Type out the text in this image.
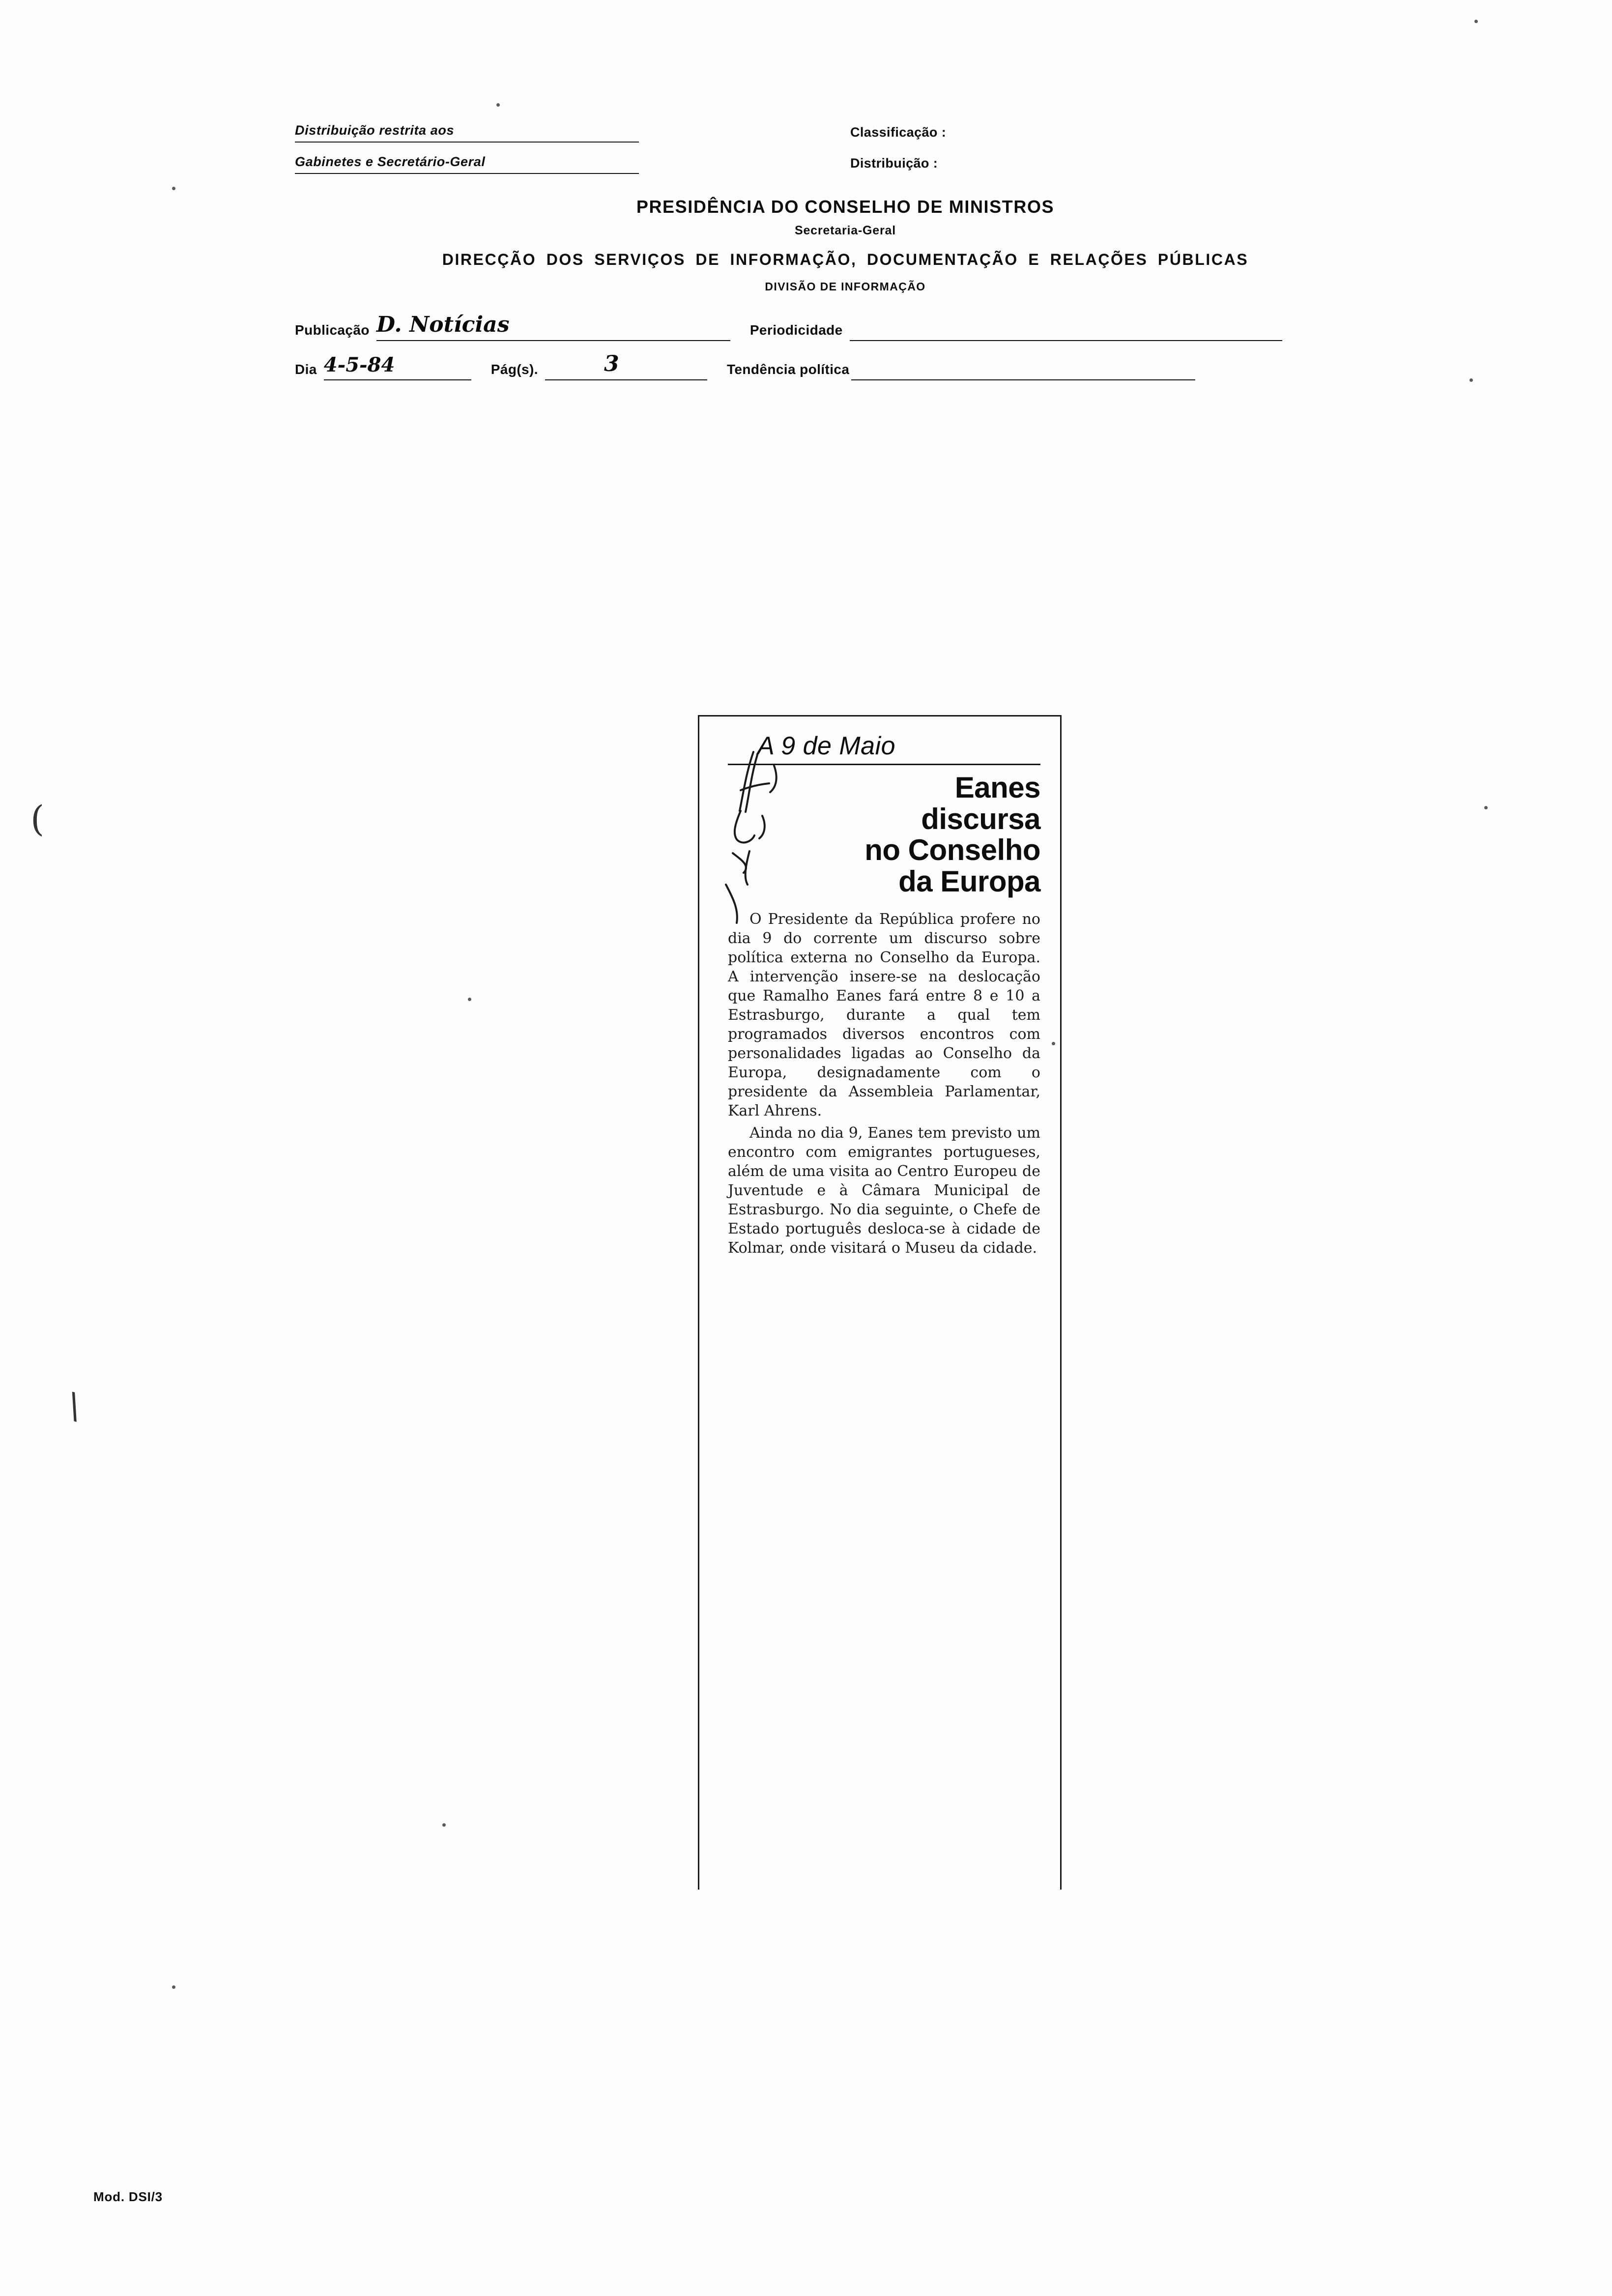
Distribuição restrita aos
Gabinetes e Secretário-Geral
Classificação :
Distribuição :
PRESIDÊNCIA DO CONSELHO DE MINISTROS
Secretaria-Geral
DIRECÇÃO DOS SERVIÇOS DE INFORMAÇÃO, DOCUMENTAÇÃO E RELAÇÕES PÚBLICAS
DIVISÃO DE INFORMAÇÃO
Publicação D. Notícias	Periodicidade
Dia 4-5-84	Pág(s).	3	Tendência política
A 9 de Maio
Eanes
discursa
no Conselho
da Europa

O Presidente da República profere no dia 9 do corrente um discurso sobre política externa no Conselho da Europa. A intervenção insere-se na deslocação que Ramalho Eanes fará entre 8 e 10 a Estrasburgo, durante a qual tem programados diversos encontros com personalidades ligadas ao Conselho da Europa, designadamente com o presidente da Assembleia Parlamentar, Karl Ahrens.

Ainda no dia 9, Eanes tem previsto um encontro com emigrantes portugueses, além de uma visita ao Centro Europeu de Juventude e à Câmara Municipal de Estrasburgo. No dia seguinte, o Chefe de Estado português desloca-se à cidade de Kolmar, onde visitará o Museu da cidade.

(
\
Mod. DSI/3
